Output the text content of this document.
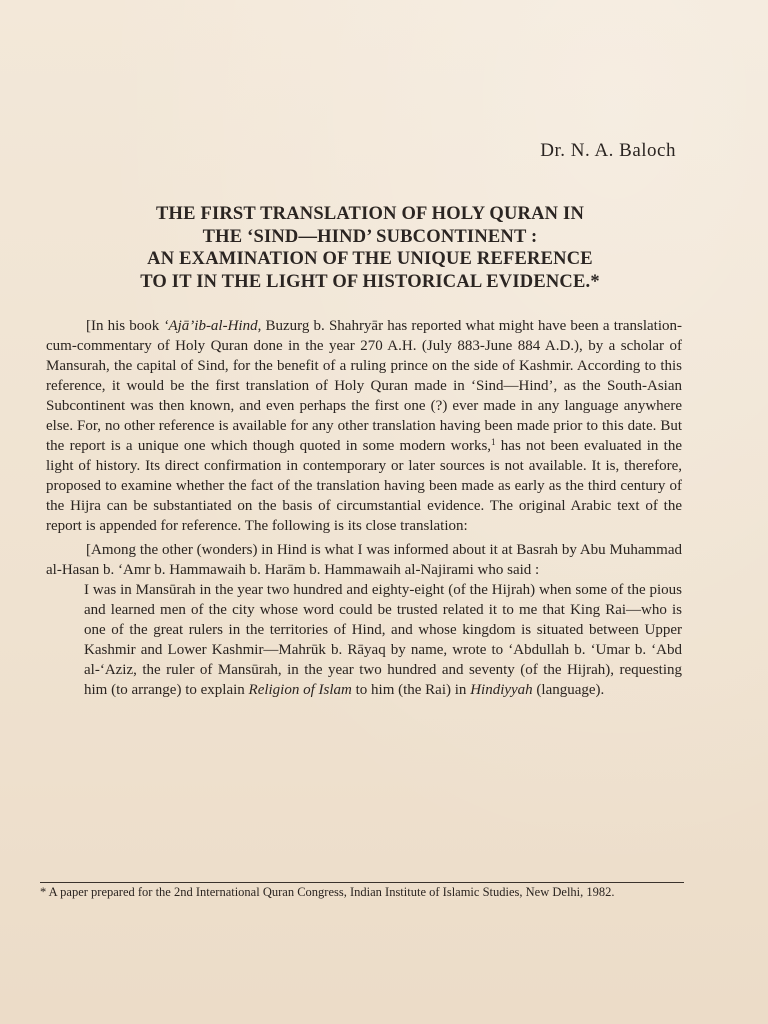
Dr. N. A. Baloch
THE FIRST TRANSLATION OF HOLY QURAN IN
THE ‘SIND—HIND’ SUBCONTINENT :
AN EXAMINATION OF THE UNIQUE REFERENCE
TO IT IN THE LIGHT OF HISTORICAL EVIDENCE.*

[In his book ‘Ajā’ib-al-Hind, Buzurg b. Shahryār has reported what might have been a translation-cum-commentary of Holy Quran done in the year 270 A.H. (July 883-June 884 A.D.), by a scholar of Mansurah, the capital of Sind, for the benefit of a ruling prince on the side of Kashmir. According to this reference, it would be the first translation of Holy Quran made in ‘Sind—Hind’, as the South-Asian Subcontinent was then known, and even perhaps the first one (?) ever made in any language anywhere else. For, no other reference is available for any other translation having been made prior to this date. But the report is a unique one which though quoted in some modern works,$^1$ has not been evaluated in the light of history. Its direct confirmation in contemporary or later sources is not available. It is, therefore, proposed to examine whether the fact of the translation having been made as early as the third century of the Hijra can be substantiated on the basis of circumstantial evidence. The original Arabic text of the report is appended for reference. The following is its close translation:

[Among the other (wonders) in Hind is what I was informed about it at Basrah by Abu Muhammad al-Hasan b. ‘Amr b. Hammawaih b. Harām b. Hammawaih al-Najirami who said :

I was in Mansūrah in the year two hundred and eighty-eight (of the Hijrah) when some of the pious and learned men of the city whose word could be trusted related it to me that King Rai—who is one of the great rulers in the territories of Hind, and whose kingdom is situated between Upper Kashmir and Lower Kashmir—Mahrūk b. Rāyaq by name, wrote to ‘Abdullah b. ‘Umar b. ‘Abd al-‘Aziz, the ruler of Mansūrah, in the year two hundred and seventy (of the Hijrah), requesting him (to arrange) to explain Religion of Islam to him (the Rai) in Hindiyyah (language).

* A paper prepared for the 2nd International Quran Congress, Indian Institute of Islamic Studies, New Delhi, 1982.
